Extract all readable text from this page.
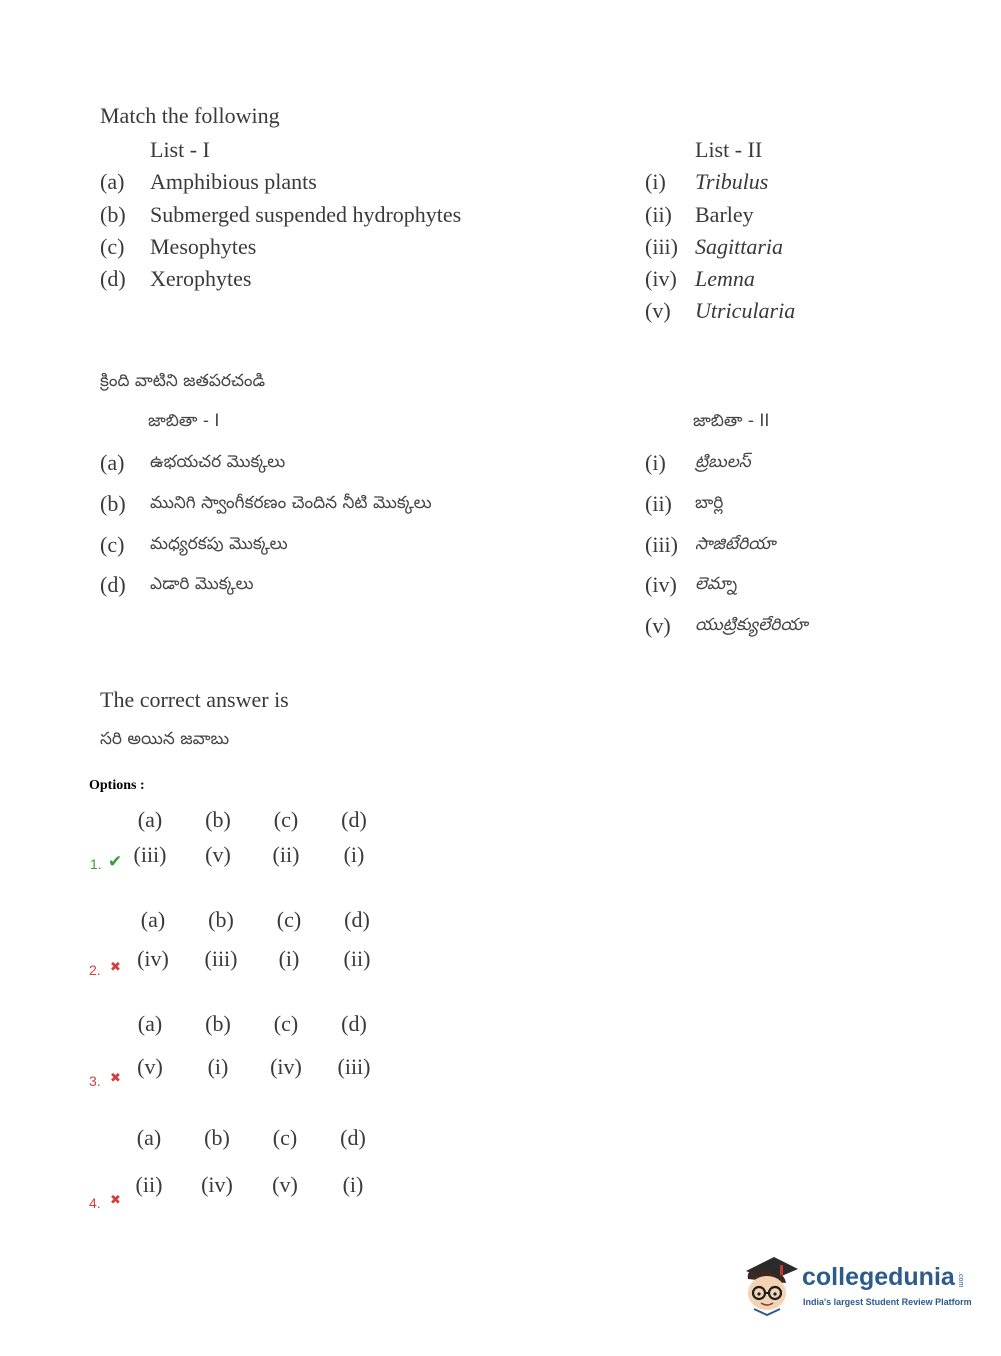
Match the following
List - I	List - II
(a) Amphibious plants
(b) Submerged suspended hydrophytes
(c) Mesophytes
(d) Xerophytes
(i) Tribulus
(ii) Barley
(iii) Sagittaria
(iv) Lemna
(v) Utricularia
క్రింది వాటిని జతపరచండి
జాబితా - I	జాబితా - II
(a) ఉభయచర మొక్కలు
(b) మునిగి స్వాంగీకరణం చెందిన నీటి మొక్కలు
(c) మధ్యరకపు మొక్కలు
(d) ఎడారి మొక్కలు
(i) ట్రిబులస్
(ii) బార్లి
(iii) సాజిటేరియా
(iv) లెమ్నా
(v) యుట్రిక్యులేరియా
The correct answer is
సరి అయిన జవాబు
Options :
(a)	(b)	(c)	(d)
(iii)	(v)	(ii)	(i)
1. ✔
(a)	(b)	(c)	(d)
(iv)	(iii)	(i)	(ii)
2. ✖
(a)	(b)	(c)	(d)
(v)	(i)	(iv)	(iii)
3. ✖
(a)	(b)	(c)	(d)
(ii)	(iv)	(v)	(i)
4. ✖
collegedunia .com
India's largest Student Review Platform
